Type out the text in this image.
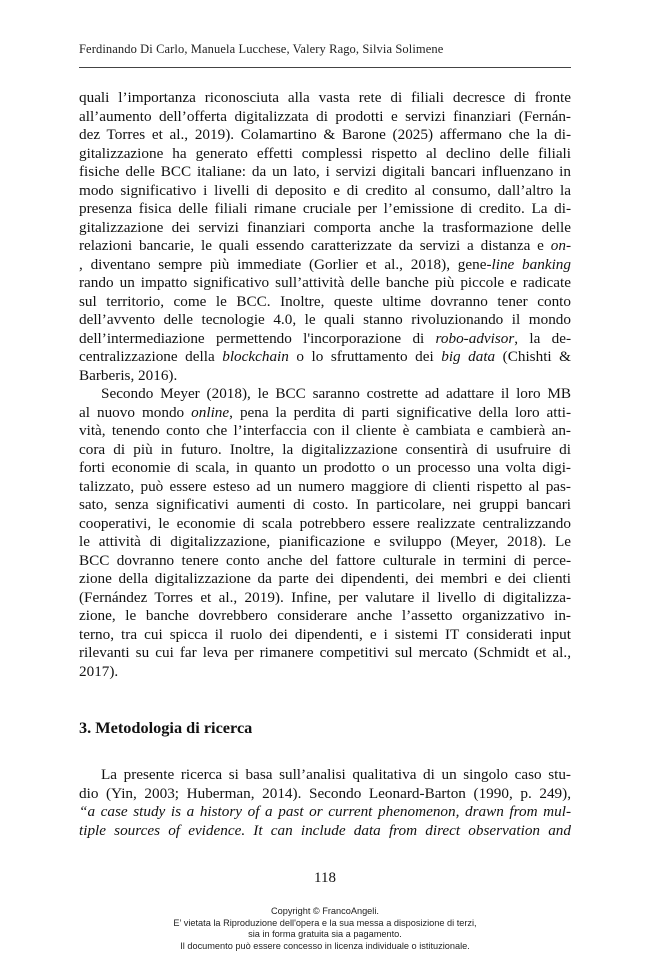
Ferdinando Di Carlo, Manuela Lucchese, Valery Rago, Silvia Solimene
quali l’importanza riconosciuta alla vasta rete di filiali decresce di fronte
all’aumento dell’offerta digitalizzata di prodotti e servizi finanziari (Fernán-
dez Torres et al., 2019). Colamartino & Barone (2025) affermano che la di-
gitalizzazione ha generato effetti complessi rispetto al declino delle filiali
fisiche delle BCC italiane: da un lato, i servizi digitali bancari influenzano in
modo significativo i livelli di deposito e di credito al consumo, dall’altro la
presenza fisica delle filiali rimane cruciale per l’emissione di credito. La di-
gitalizzazione dei servizi finanziari comporta anche la trasformazione delle
relazioni bancarie, le quali essendo caratterizzate da servizi a distanza e on-
, diventano sempre più immediate (Gorlier et al., 2018), gene-line banking
rando un impatto significativo sull’attività delle banche più piccole e radicate
sul territorio, come le BCC. Inoltre, queste ultime dovranno tener conto
dell’avvento delle tecnologie 4.0, le quali stanno rivoluzionando il mondo
dell’intermediazione permettendo l'incorporazione di robo-advisor, la de-
centralizzazione della blockchain o lo sfruttamento dei big data (Chishti &
Barberis, 2016).
Secondo Meyer (2018), le BCC saranno costrette ad adattare il loro MB
al nuovo mondo online, pena la perdita di parti significative della loro atti-
vità, tenendo conto che l’interfaccia con il cliente è cambiata e cambierà an-
cora di più in futuro. Inoltre, la digitalizzazione consentirà di usufruire di
forti economie di scala, in quanto un prodotto o un processo una volta digi-
talizzato, può essere esteso ad un numero maggiore di clienti rispetto al pas-
sato, senza significativi aumenti di costo. In particolare, nei gruppi bancari
cooperativi, le economie di scala potrebbero essere realizzate centralizzando
le attività di digitalizzazione, pianificazione e sviluppo (Meyer, 2018). Le
BCC dovranno tenere conto anche del fattore culturale in termini di perce-
zione della digitalizzazione da parte dei dipendenti, dei membri e dei clienti
(Fernández Torres et al., 2019). Infine, per valutare il livello di digitalizza-
zione, le banche dovrebbero considerare anche l’assetto organizzativo in-
terno, tra cui spicca il ruolo dei dipendenti, e i sistemi IT considerati input
rilevanti su cui far leva per rimanere competitivi sul mercato (Schmidt et al.,
2017).
3. Metodologia di ricerca
La presente ricerca si basa sull’analisi qualitativa di un singolo caso stu-
dio (Yin, 2003; Huberman, 2014). Secondo Leonard-Barton (1990, p. 249),
“a case study is a history of a past or current phenomenon, drawn from mul-
tiple sources of evidence. It can include data from direct observation and
118
Copyright © FrancoAngeli.
E’ vietata la Riproduzione dell'opera e la sua messa a disposizione di terzi,
sia in forma gratuita sia a pagamento.
Il documento può essere concesso in licenza individuale o istituzionale.
